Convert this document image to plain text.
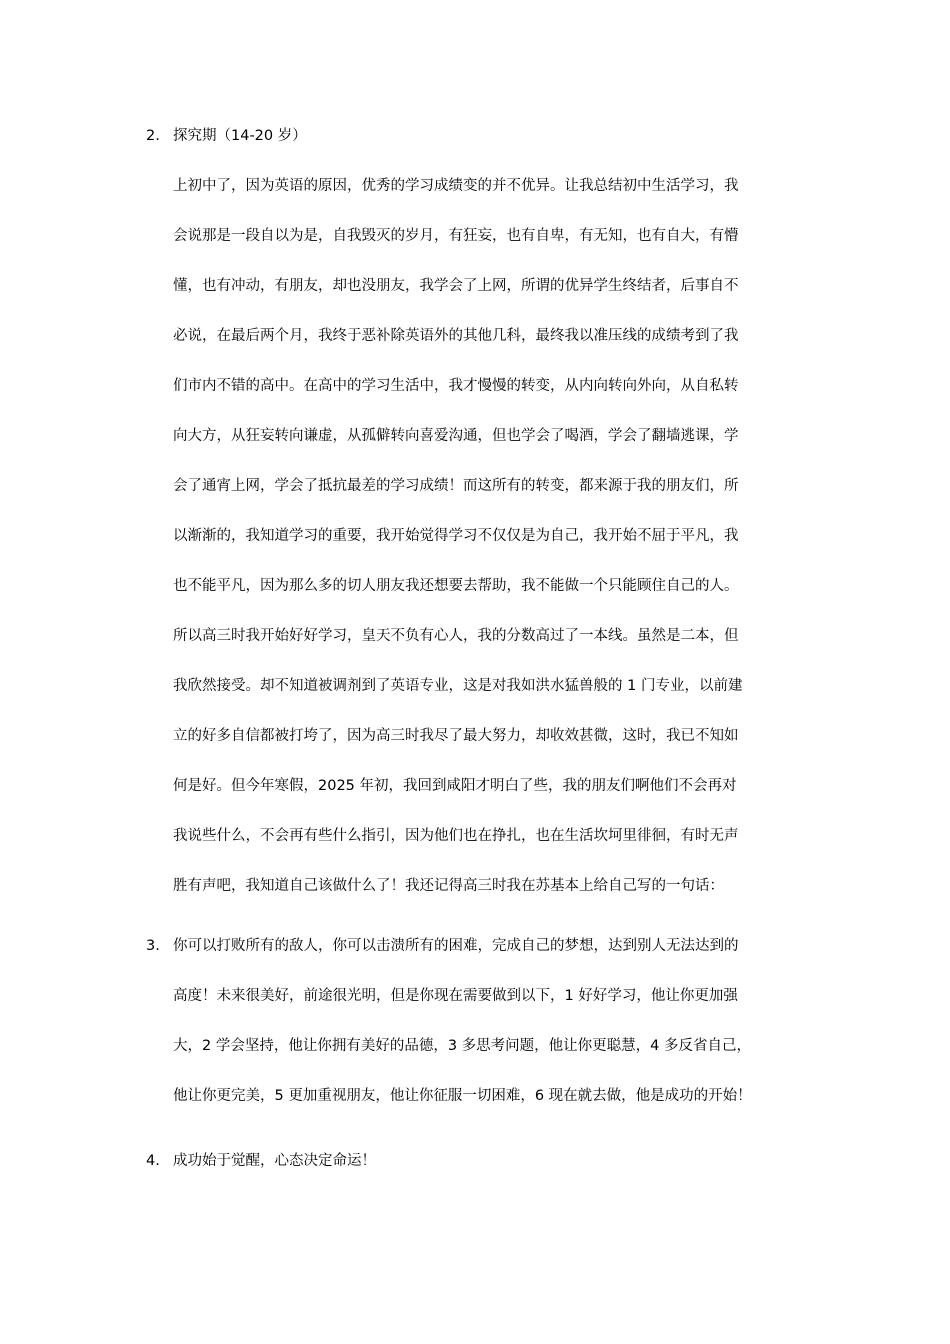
2. 探究期（14-20 岁）
上初中了，因为英语的原因，优秀的学习成绩变的并不优异。让我总结初中生活学习，我
会说那是一段自以为是，自我毁灭的岁月，有狂妄，也有自卑，有无知，也有自大，有懵
懂，也有冲动，有朋友，却也没朋友，我学会了上网，所谓的优异学生终结者，后事自不
必说，在最后两个月，我终于恶补除英语外的其他几科，最终我以准压线的成绩考到了我
们市内不错的高中。在高中的学习生活中，我才慢慢的转变，从内向转向外向，从自私转
向大方，从狂妄转向谦虚，从孤僻转向喜爱沟通，但也学会了喝酒，学会了翻墙逃课，学
会了通宵上网，学会了抵抗最差的学习成绩！而这所有的转变，都来源于我的朋友们，所
以渐渐的，我知道学习的重要，我开始觉得学习不仅仅是为自己，我开始不屈于平凡，我
也不能平凡，因为那么多的切人朋友我还想要去帮助，我不能做一个只能顾住自己的人。
所以高三时我开始好好学习，皇天不负有心人，我的分数高过了一本线。虽然是二本，但
我欣然接受。却不知道被调剂到了英语专业，这是对我如洪水猛兽般的 1 门专业，以前建
立的好多自信都被打垮了，因为高三时我尽了最大努力，却收效甚微，这时，我已不知如
何是好。但今年寒假，2025 年初，我回到咸阳才明白了些，我的朋友们啊他们不会再对
我说些什么，不会再有些什么指引，因为他们也在挣扎，也在生活坎坷里徘徊，有时无声
胜有声吧，我知道自己该做什么了！我还记得高三时我在苏基本上给自己写的一句话：
3. 你可以打败所有的敌人，你可以击溃所有的困难，完成自己的梦想，达到别人无法达到的
高度！未来很美好，前途很光明，但是你现在需要做到以下，1 好好学习，他让你更加强
大，2 学会坚持，他让你拥有美好的品德，3 多思考问题，他让你更聪慧，4 多反省自己，
他让你更完美，5 更加重视朋友，他让你征服一切困难，6 现在就去做，他是成功的开始！
4. 成功始于觉醒，心态决定命运！
